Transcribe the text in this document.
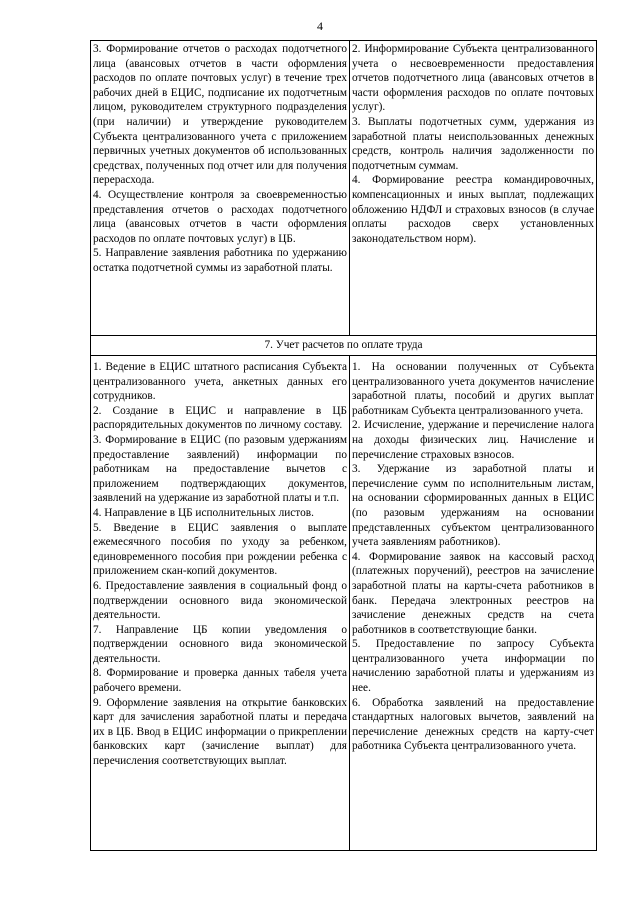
4

3. Формирование отчетов о расходах подотчетного лица (авансовых отчетов в части оформления расходов по оплате почтовых услуг) в течение трех рабочих дней в ЕЦИС, подписание их подотчетным лицом, руководителем структурного подразделения (при наличии) и утверждение руководителем Субъекта централизованного учета с приложением первичных учетных документов об использованных средствах, полученных под отчет или для получения перерасхода.

4. Осуществление контроля за своевременностью представления отчетов о расходах подотчетного лица (авансовых отчетов в части оформления расходов по оплате почтовых услуг) в ЦБ.

5. Направление заявления работника по удержанию остатка подотчетной суммы из заработной платы.

2. Информирование Субъекта централизованного учета о несвоевременности предоставления отчетов подотчетного лица (авансовых отчетов в части оформления расходов по оплате почтовых услуг).

3. Выплаты подотчетных сумм, удержания из заработной платы неиспользованных денежных средств, контроль наличия задолженности по подотчетным суммам.

4. Формирование реестра командировочных, компенсационных и иных выплат, подлежащих обложению НДФЛ и страховых взносов (в случае оплаты расходов сверх установленных законодательством норм).

7. Учет расчетов по оплате труда

1. Ведение в ЕЦИС штатного расписания Субъекта централизованного учета, анкетных данных его сотрудников.

2. Создание в ЕЦИС и направление в ЦБ распорядительных документов по личному составу.

3. Формирование в ЕЦИС (по разовым удержаниям предоставление заявлений) информации по работникам на предоставление вычетов с приложением подтверждающих документов, заявлений на удержание из заработной платы и т.п.

4. Направление в ЦБ исполнительных листов.

5. Введение в ЕЦИС заявления о выплате ежемесячного пособия по уходу за ребенком, единовременного пособия при рождении ребенка с приложением скан-копий документов.

6. Предоставление заявления в социальный фонд о подтверждении основного вида экономической деятельности.

7. Направление ЦБ копии уведомления о подтверждении основного вида экономической деятельности.

8. Формирование и проверка данных табеля учета рабочего времени.

9. Оформление заявления на открытие банковских карт для зачисления заработной платы и передача их в ЦБ. Ввод в ЕЦИС информации о прикреплении банковских карт (зачисление выплат) для перечисления соответствующих выплат.

1. На основании полученных от Субъекта централизованного учета документов начисление заработной платы, пособий и других выплат работникам Субъекта централизованного учета.

2. Исчисление, удержание и перечисление налога на доходы физических лиц. Начисление и перечисление страховых взносов.

3. Удержание из заработной платы и перечисление сумм по исполнительным листам, на основании сформированных данных в ЕЦИС (по разовым удержаниям на основании представленных субъектом централизованного учета заявлениям работников).

4. Формирование заявок на кассовый расход (платежных поручений), реестров на зачисление заработной платы на карты-счета работников в банк. Передача электронных реестров на зачисление денежных средств на счета работников в соответствующие банки.

5. Предоставление по запросу Субъекта централизованного учета информации по начислению заработной платы и удержаниям из нее.

6. Обработка заявлений на предоставление стандартных налоговых вычетов, заявлений на перечисление денежных средств на карту-счет работника Субъекта централизованного учета.
